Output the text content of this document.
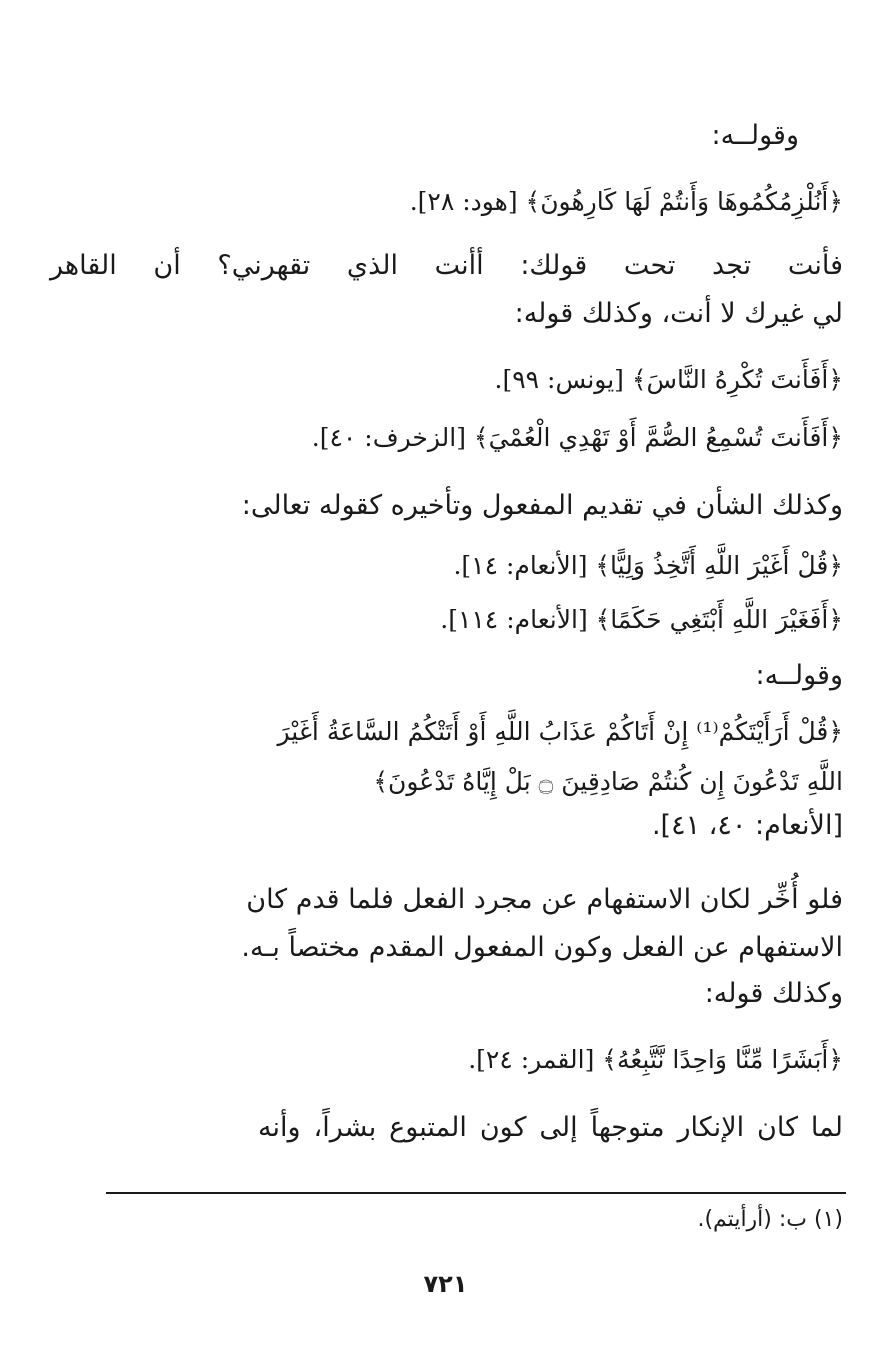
وقولــه:
﴿أَنُلْزِمُكُمُوهَا وَأَنتُمْ لَهَا كَارِهُونَ﴾ [هود: ٢٨].
فأنت تجد تحت قولك: أأنت الذي تقهرني؟ أن القاهر
لي غيرك لا أنت، وكذلك قوله:
﴿أَفَأَنتَ تُكْرِهُ النَّاسَ﴾ [يونس: ٩٩].
﴿أَفَأَنتَ تُسْمِعُ الصُّمَّ أَوْ تَهْدِي الْعُمْيَ﴾ [الزخرف: ٤٠].
وكذلك الشأن في تقديم المفعول وتأخيره كقوله تعالى:
﴿قُلْ أَغَيْرَ اللَّهِ أَتَّخِذُ وَلِيًّا﴾ [الأنعام: ١٤].
﴿أَفَغَيْرَ اللَّهِ أَبْتَغِي حَكَمًا﴾ [الأنعام: ١١٤].
وقولــه:
﴿قُلْ أَرَأَيْتَكُمْ⁽¹⁾ إِنْ أَتَاكُمْ عَذَابُ اللَّهِ أَوْ أَتَتْكُمُ السَّاعَةُ أَغَيْرَ
اللَّهِ تَدْعُونَ إِن كُنتُمْ صَادِقِينَ ۝ بَلْ إِيَّاهُ تَدْعُونَ﴾
[الأنعام: ٤٠، ٤١].
فلو أُخِّر لكان الاستفهام عن مجرد الفعل فلما قدم كان
الاستفهام عن الفعل وكون المفعول المقدم مختصاً بـه.
وكذلك قوله:
﴿أَبَشَرًا مِّنَّا وَاحِدًا نَّتَّبِعُهُ﴾ [القمر: ٢٤].
لما كان الإنكار متوجهاً إلى كون المتبوع بشراً، وأنه
(١) ب: (أرأيتم).
٧٢١
